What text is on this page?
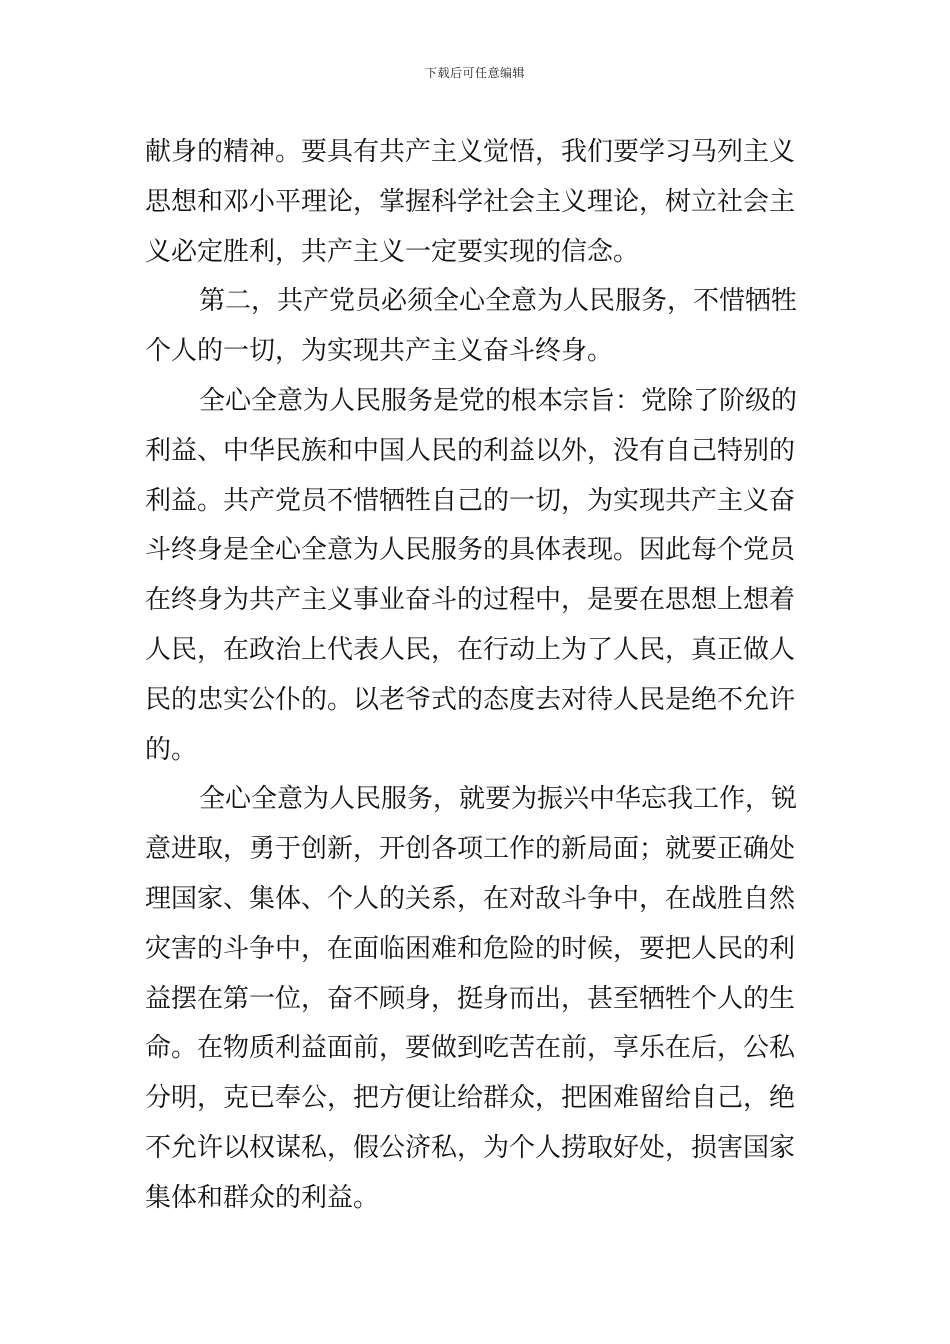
下载后可任意编辑
献身的精神。要具有共产主义觉悟，我们要学习马列主义
思想和邓小平理论，掌握科学社会主义理论，树立社会主
义必定胜利，共产主义一定要实现的信念。
第二，共产党员必须全心全意为人民服务，不惜牺牲
个人的一切，为实现共产主义奋斗终身。
全心全意为人民服务是党的根本宗旨：党除了阶级的
利益、中华民族和中国人民的利益以外，没有自己特别的
利益。共产党员不惜牺牲自己的一切，为实现共产主义奋
斗终身是全心全意为人民服务的具体表现。因此每个党员
在终身为共产主义事业奋斗的过程中，是要在思想上想着
人民，在政治上代表人民，在行动上为了人民，真正做人
民的忠实公仆的。以老爷式的态度去对待人民是绝不允许
的。
全心全意为人民服务，就要为振兴中华忘我工作，锐
意进取，勇于创新，开创各项工作的新局面；就要正确处
理国家、集体、个人的关系，在对敌斗争中，在战胜自然
灾害的斗争中，在面临困难和危险的时候，要把人民的利
益摆在第一位，奋不顾身，挺身而出，甚至牺牲个人的生
命。在物质利益面前，要做到吃苦在前，享乐在后，公私
分明，克已奉公，把方便让给群众，把困难留给自己，绝
不允许以权谋私，假公济私，为个人捞取好处，损害国家
集体和群众的利益。
